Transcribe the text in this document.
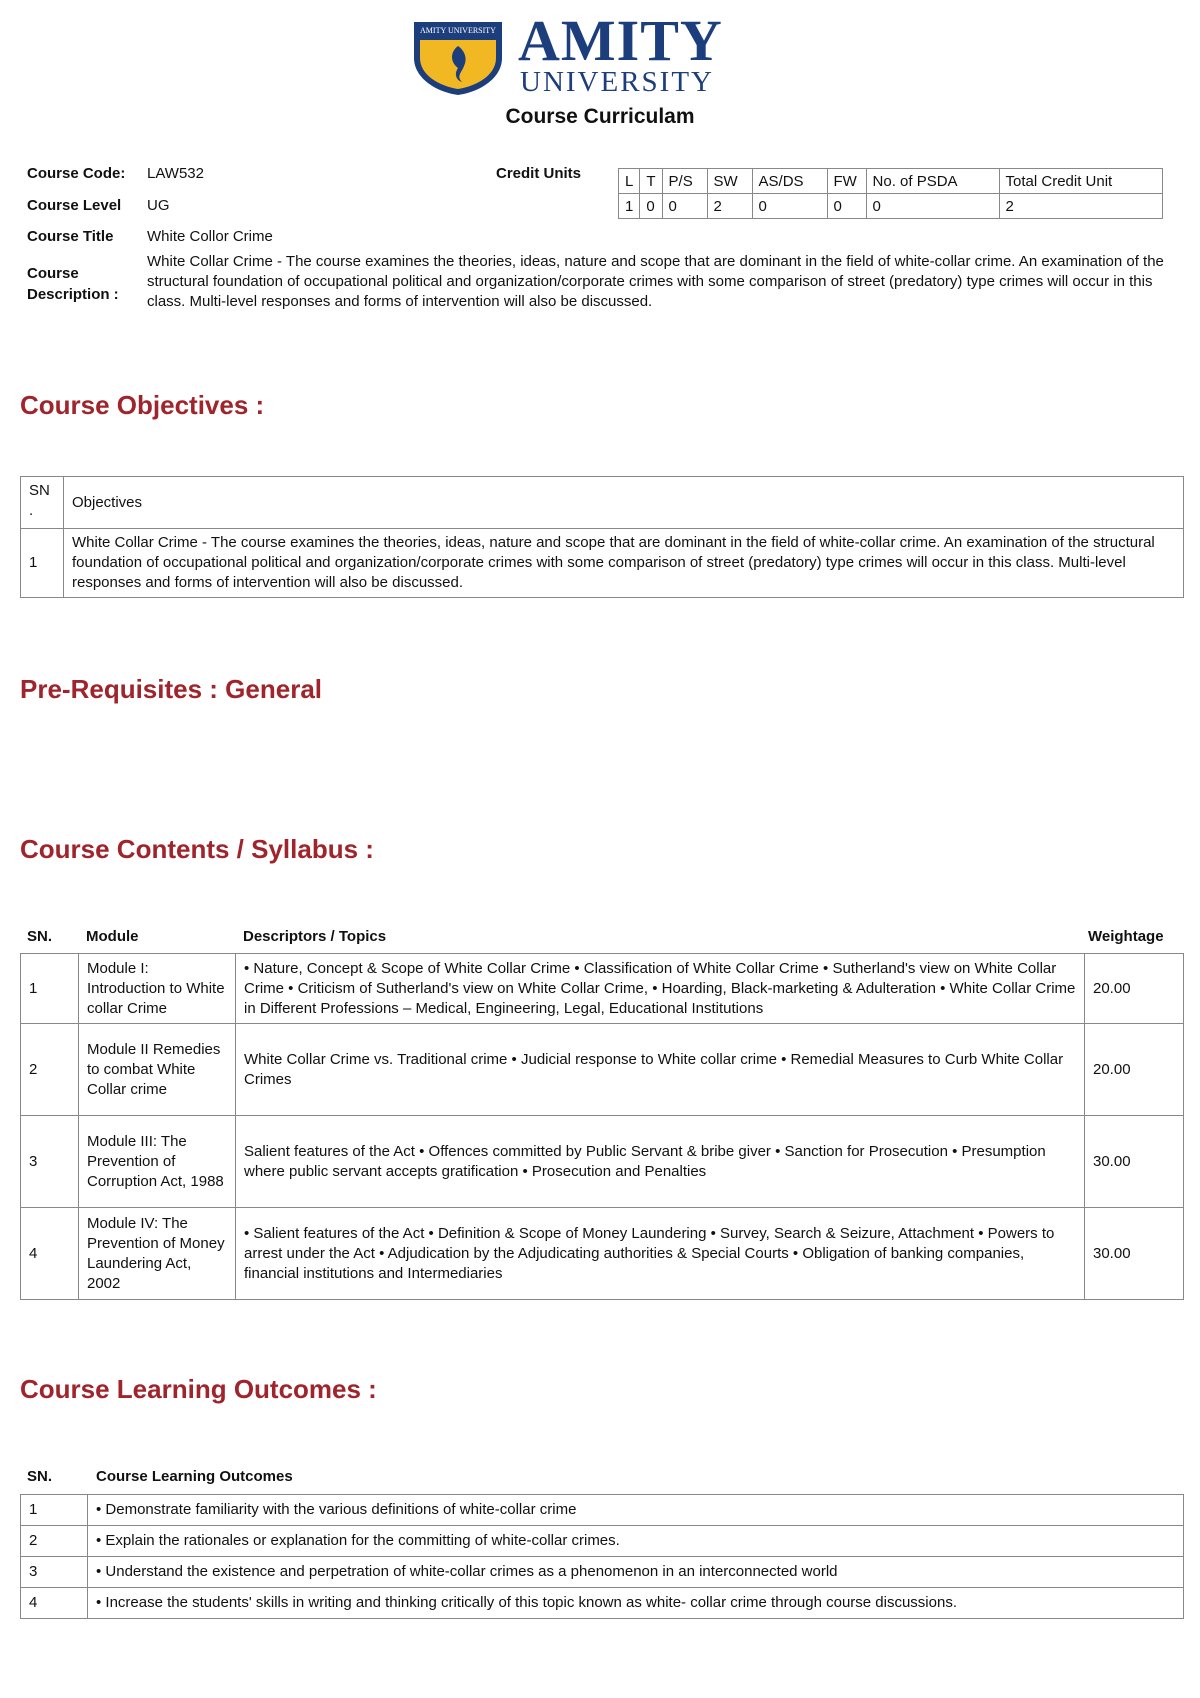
AMITY UNIVERSITY AMITY
UNIVERSITY
Course Curriculam
Course Code: LAW532
Course Level UG
Course Title White Collor Crime
Course
Description :
White Collar Crime - The course examines the theories, ideas, nature and scope that are dominant in the field of white-collar crime. An examination of the structural foundation of occupational political and organization/corporate crimes with some comparison of street (predatory) type crimes will occur in this class. Multi-level responses and forms of intervention will also be discussed.
Credit Units	L	T	P/S	SW	AS/DS	FW	No. of PSDA	Total Credit Unit
1	0	0	2	0	0	0	2
Course Objectives :
SN
.	Objectives
1	White Collar Crime - The course examines the theories, ideas, nature and scope that are dominant in the field of white-collar crime. An examination of the structural foundation of occupational political and organization/corporate crimes with some comparison of street (predatory) type crimes will occur in this class. Multi-level responses and forms of intervention will also be discussed.
Pre-Requisites : General
Course Contents / Syllabus :
SN. Module	Descriptors / Topics	Weightage
1	Module I: Introduction to White collar Crime	• Nature, Concept & Scope of White Collar Crime • Classification of White Collar Crime • Sutherland's view on White Collar Crime • Criticism of Sutherland's view on White Collar Crime, • Hoarding, Black-marketing & Adulteration • White Collar Crime in Different Professions – Medical, Engineering, Legal, Educational Institutions	20.00
2	Module II Remedies to combat White Collar crime	White Collar Crime vs. Traditional crime • Judicial response to White collar crime • Remedial Measures to Curb White Collar Crimes	20.00
3	Module III: The Prevention of Corruption Act, 1988	Salient features of the Act • Offences committed by Public Servant & bribe giver • Sanction for Prosecution • Presumption where public servant accepts gratification • Prosecution and Penalties	30.00
4	Module IV: The Prevention of Money Laundering Act, 2002	• Salient features of the Act • Definition & Scope of Money Laundering • Survey, Search & Seizure, Attachment • Powers to arrest under the Act • Adjudication by the Adjudicating authorities & Special Courts • Obligation of banking companies, financial institutions and Intermediaries	30.00
Course Learning Outcomes :
SN.	Course Learning Outcomes
1	• Demonstrate familiarity with the various definitions of white-collar crime
2	• Explain the rationales or explanation for the committing of white-collar crimes.
3	• Understand the existence and perpetration of white-collar crimes as a phenomenon in an interconnected world
4	• Increase the students' skills in writing and thinking critically of this topic known as white- collar crime through course discussions.
